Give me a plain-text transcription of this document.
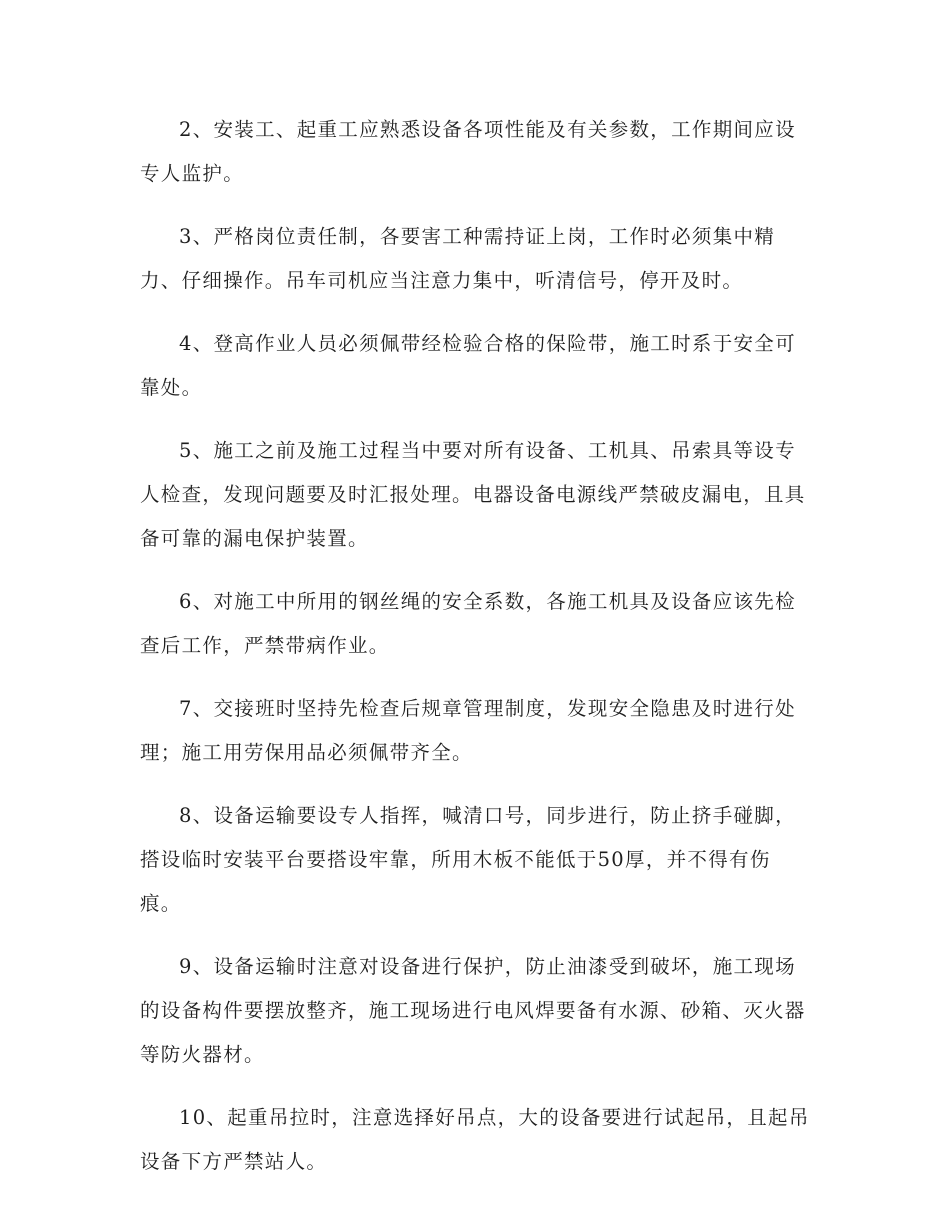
2、安装工、起重工应熟悉设备各项性能及有关参数，工作期间应设专人监护。

3、严格岗位责任制，各要害工种需持证上岗，工作时必须集中精力、仔细操作。吊车司机应当注意力集中，听清信号，停开及时。

4、登高作业人员必须佩带经检验合格的保险带，施工时系于安全可靠处。

5、施工之前及施工过程当中要对所有设备、工机具、吊索具等设专人检查，发现问题要及时汇报处理。电器设备电源线严禁破皮漏电，且具备可靠的漏电保护装置。

6、对施工中所用的钢丝绳的安全系数，各施工机具及设备应该先检查后工作，严禁带病作业。

7、交接班时坚持先检查后规章管理制度，发现安全隐患及时进行处理；施工用劳保用品必须佩带齐全。

8、设备运输要设专人指挥，喊清口号，同步进行，防止挤手碰脚，搭设临时安装平台要搭设牢靠，所用木板不能低于50厚，并不得有伤痕。

9、设备运输时注意对设备进行保护，防止油漆受到破坏，施工现场的设备构件要摆放整齐，施工现场进行电风焊要备有水源、砂箱、灭火器等防火器材。

10、起重吊拉时，注意选择好吊点，大的设备要进行试起吊，且起吊设备下方严禁站人。
